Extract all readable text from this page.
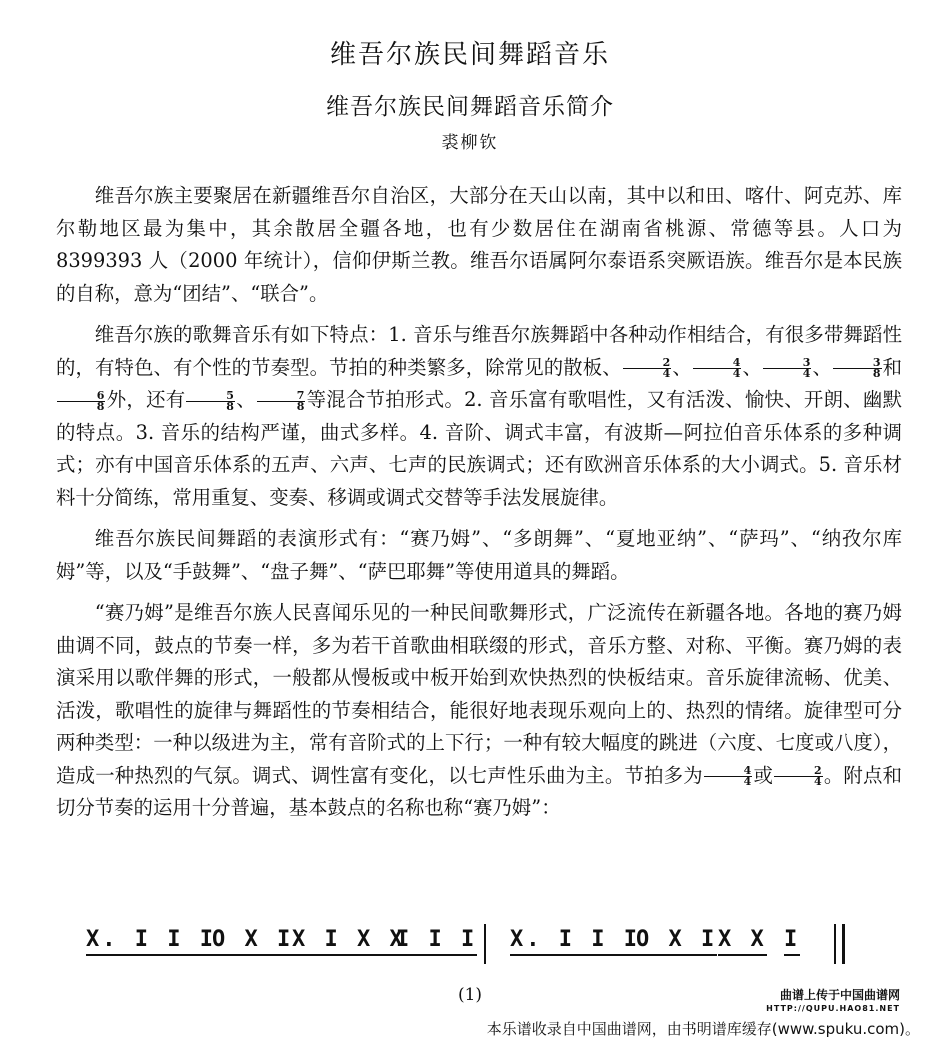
维吾尔族民间舞蹈音乐
维吾尔族民间舞蹈音乐简介
裘柳钦

维吾尔族主要聚居在新疆维吾尔自治区，大部分在天山以南，其中以和田、喀什、阿克苏、库尔勒地区最为集中，其余散居全疆各地，也有少数居住在湖南省桃源、常德等县。人口为 8399393 人（2000 年统计），信仰伊斯兰教。维吾尔语属阿尔泰语系突厥语族。维吾尔是本民族的自称，意为“团结”、“联合”。

维吾尔族的歌舞音乐有如下特点：1. 音乐与维吾尔族舞蹈中各种动作相结合，有很多带舞蹈性的，有特色、有个性的节奏型。节拍的种类繁多，除常见的散板、 $\frac{2}{4}$ 、 $\frac{4}{4}$ 、 $\frac{3}{4}$ 、 $\frac{3}{8}$ 和
$\frac{6}{8}$ 外，还有 $\frac{5}{8}$ 、 $\frac{7}{8}$ 等混合节拍形式。2. 音乐富有歌唱性，又有活泼、愉快、开朗、幽默的特点。3. 音乐的结构严谨，曲式多样。4. 音阶、调式丰富，有波斯—阿拉伯音乐体系的多种调式；亦有中国音乐体系的五声、六声、七声的民族调式；还有欧洲音乐体系的大小调式。5. 音乐材料十分简练，常用重复、变奏、移调或调式交替等手法发展旋律。

维吾尔族民间舞蹈的表演形式有：“赛乃姆”、“多朗舞”、“夏地亚纳”、“萨玛”、“纳孜尔库姆”等，以及“手鼓舞”、“盘子舞”、“萨巴耶舞”等使用道具的舞蹈。

“赛乃姆”是维吾尔族人民喜闻乐见的一种民间歌舞形式，广泛流传在新疆各地。各地的赛乃姆曲调不同，鼓点的节奏一样，多为若干首歌曲相联缀的形式，音乐方整、对称、平衡。赛乃姆的表演采用以歌伴舞的形式，一般都从慢板或中板开始到欢快热烈的快板结束。音乐旋律流畅、优美、活泼，歌唱性的旋律与舞蹈性的节奏相结合，能很好地表现乐观向上的、热烈的情绪。旋律型可分两种类型：一种以级进为主，常有音阶式的上下行；一种有较大幅度的跳进（六度、七度或八度），造成一种热烈的气氛。调式、调性富有变化，以七声性乐曲为主。节拍多为 $\frac{4}{4}$ 或 $\frac{2}{4}$ 。附点和切分节奏的运用十分普遍，基本鼓点的名称也称“赛乃姆”：

X. I I I
O X I
X I X X
I I I X. I I I
O X I X X I
(1)	曲谱上传于中国曲谱网
HTTP://QUPU.HAO81.NET
本乐谱收录自中国曲谱网，由书明谱库缓存(www.spuku.com)。
